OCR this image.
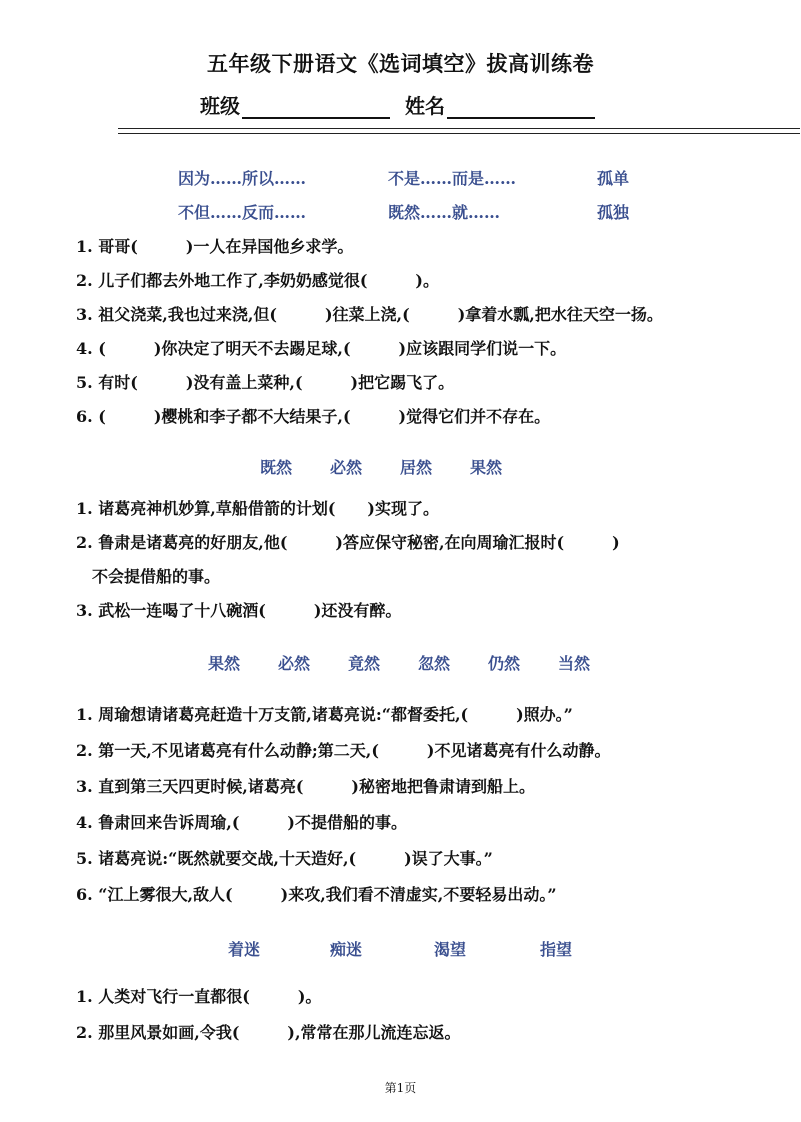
五年级下册语文《选词填空》拔高训练卷
班级	姓名
因为……所以……	不是……而是……	孤单
不但……反而……	既然……就……	孤独
1. 哥哥(　　　)一人在异国他乡求学。
2. 儿子们都去外地工作了,李奶奶感觉很(　　　)。
3. 祖父浇菜,我也过来浇,但(　　　)往菜上浇,(　　　)拿着水瓢,把水往天空一扬。
4. (　　　)你决定了明天不去踢足球,(　　　)应该跟同学们说一下。
5. 有时(　　　)没有盖上菜种,(　　　)把它踢飞了。
6. (　　　)樱桃和李子都不大结果子,(　　　)觉得它们并不存在。
既然 必然 居然 果然
1. 诸葛亮神机妙算,草船借箭的计划(　　)实现了。
2. 鲁肃是诸葛亮的好朋友,他(　　　)答应保守秘密,在向周瑜汇报时(　　　)
不会提借船的事。
3. 武松一连喝了十八碗酒(　　　)还没有醉。
果然 必然 竟然 忽然 仍然 当然
1. 周瑜想请诸葛亮赶造十万支箭,诸葛亮说:“都督委托,(　　　)照办。”
2. 第一天,不见诸葛亮有什么动静;第二天,(　　　)不见诸葛亮有什么动静。
3. 直到第三天四更时候,诸葛亮(　　　)秘密地把鲁肃请到船上。
4. 鲁肃回来告诉周瑜,(　　　)不提借船的事。
5. 诸葛亮说:“既然就要交战,十天造好,(　　　)误了大事。”
6. “江上雾很大,敌人(　　　)来攻,我们看不清虚实,不要轻易出动。”
着迷	痴迷	渴望	指望
1. 人类对飞行一直都很(　　　)。
2. 那里风景如画,令我(　　　),常常在那儿流连忘返。
第1页
